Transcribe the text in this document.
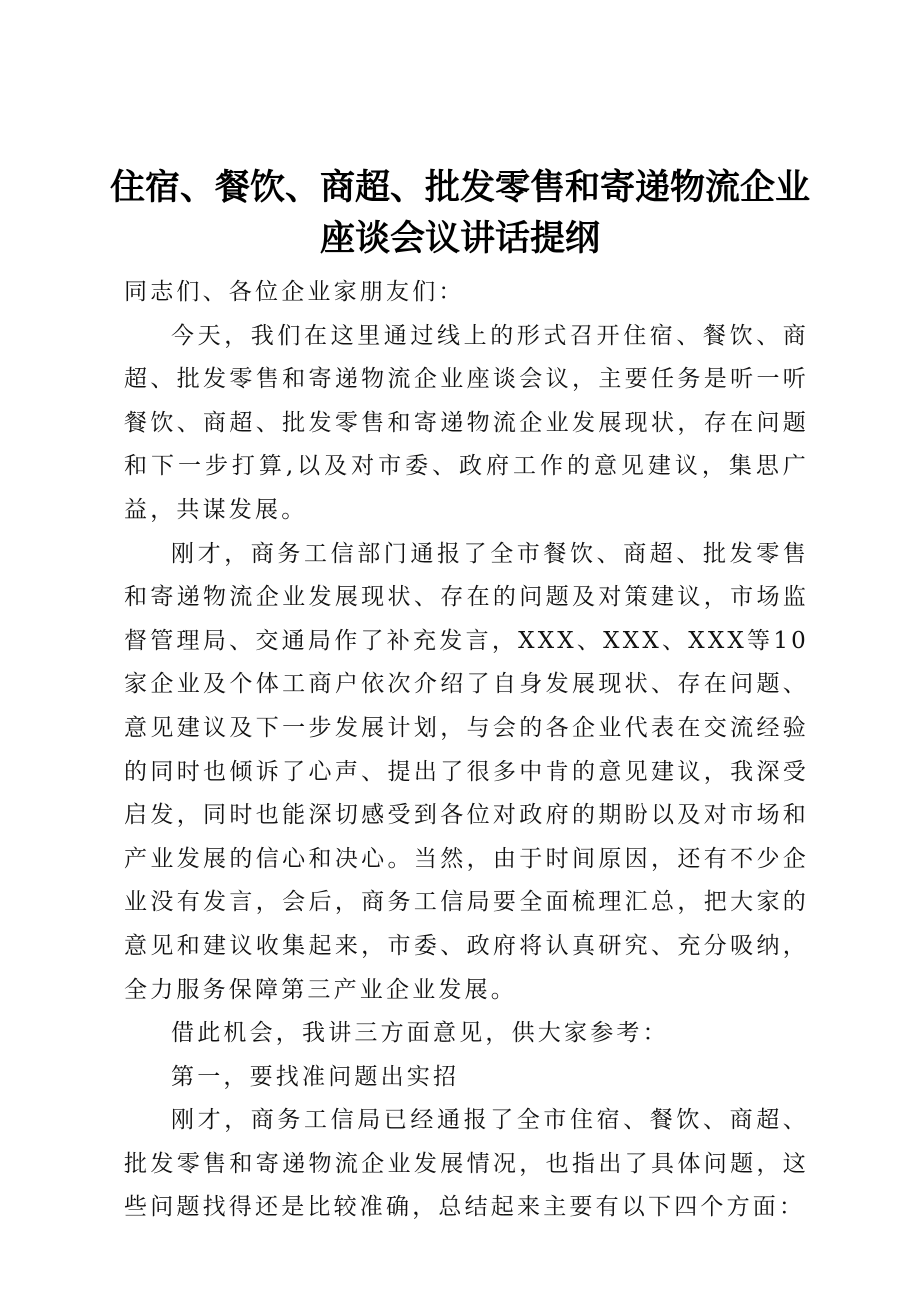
住宿、餐饮、商超、批发零售和寄递物流企业
座谈会议讲话提纲

同志们、各位企业家朋友们：

今天，我们在这里通过线上的形式召开住宿、餐饮、商超、批发零售和寄递物流企业座谈会议，主要任务是听一听餐饮、商超、批发零售和寄递物流企业发展现状，存在问题和下一步打算,以及对市委、政府工作的意见建议，集思广益，共谋发展。

刚才，商务工信部门通报了全市餐饮、商超、批发零售和寄递物流企业发展现状、存在的问题及对策建议，市场监督管理局、交通局作了补充发言，XXX、XXX、XXX等10家企业及个体工商户依次介绍了自身发展现状、存在问题、意见建议及下一步发展计划，与会的各企业代表在交流经验的同时也倾诉了心声、提出了很多中肯的意见建议，我深受启发，同时也能深切感受到各位对政府的期盼以及对市场和产业发展的信心和决心。当然，由于时间原因，还有不少企业没有发言，会后，商务工信局要全面梳理汇总，把大家的意见和建议收集起来，市委、政府将认真研究、充分吸纳，全力服务保障第三产业企业发展。

借此机会，我讲三方面意见，供大家参考：

第一，要找准问题出实招

刚才，商务工信局已经通报了全市住宿、餐饮、商超、批发零售和寄递物流企业发展情况，也指出了具体问题，这些问题找得还是比较准确，总结起来主要有以下四个方面：
